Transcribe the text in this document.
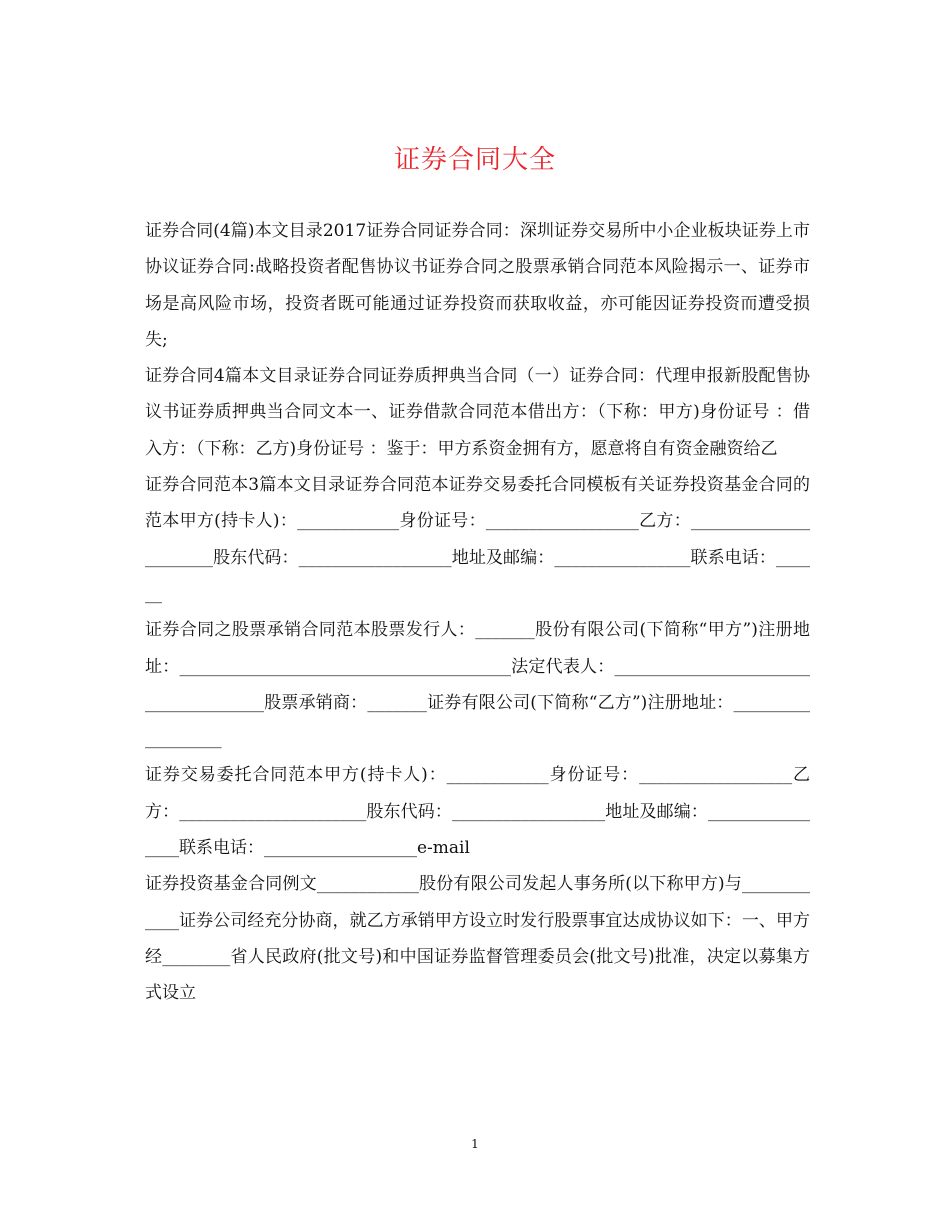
证券合同大全

证券合同(4篇)本文目录2017证券合同证券合同：深圳证券交易所中小企业板块证券上市协议证券合同:战略投资者配售协议书证券合同之股票承销合同范本风险揭示一、证券市场是高风险市场，投资者既可能通过证券投资而获取收益，亦可能因证券投资而遭受损失;

证券合同4篇本文目录证券合同证券质押典当合同（一）证券合同：代理申报新股配售协议书证券质押典当合同文本一、证券借款合同范本借出方：（下称：甲方)身份证号 ：借入方：（下称：乙方)身份证号 ：鉴于：甲方系资金拥有方，愿意将自有资金融资给乙

证券合同范本3篇本文目录证券合同范本证券交易委托合同模板有关证券投资基金合同的范本甲方(持卡人)：____________身份证号：__________________乙方：______________________股东代码：__________________地址及邮编：________________联系电话：______

证券合同之股票承销合同范本股票发行人：_______股份有限公司(下简称“甲方”)注册地址：_______________________________________法定代表人：_____________________________________股票承销商：_______证券有限公司(下简称“乙方”)注册地址：__________________

证券交易委托合同范本甲方(持卡人)：____________身份证号：__________________乙方：______________________股东代码：__________________地址及邮编：________________联系电话：__________________e-mail

证券投资基金合同例文____________股份有限公司发起人事务所(以下称甲方)与____________证券公司经充分协商，就乙方承销甲方设立时发行股票事宜达成协议如下：一、甲方经________省人民政府(批文号)和中国证券监督管理委员会(批文号)批准，决定以募集方式设立

1
